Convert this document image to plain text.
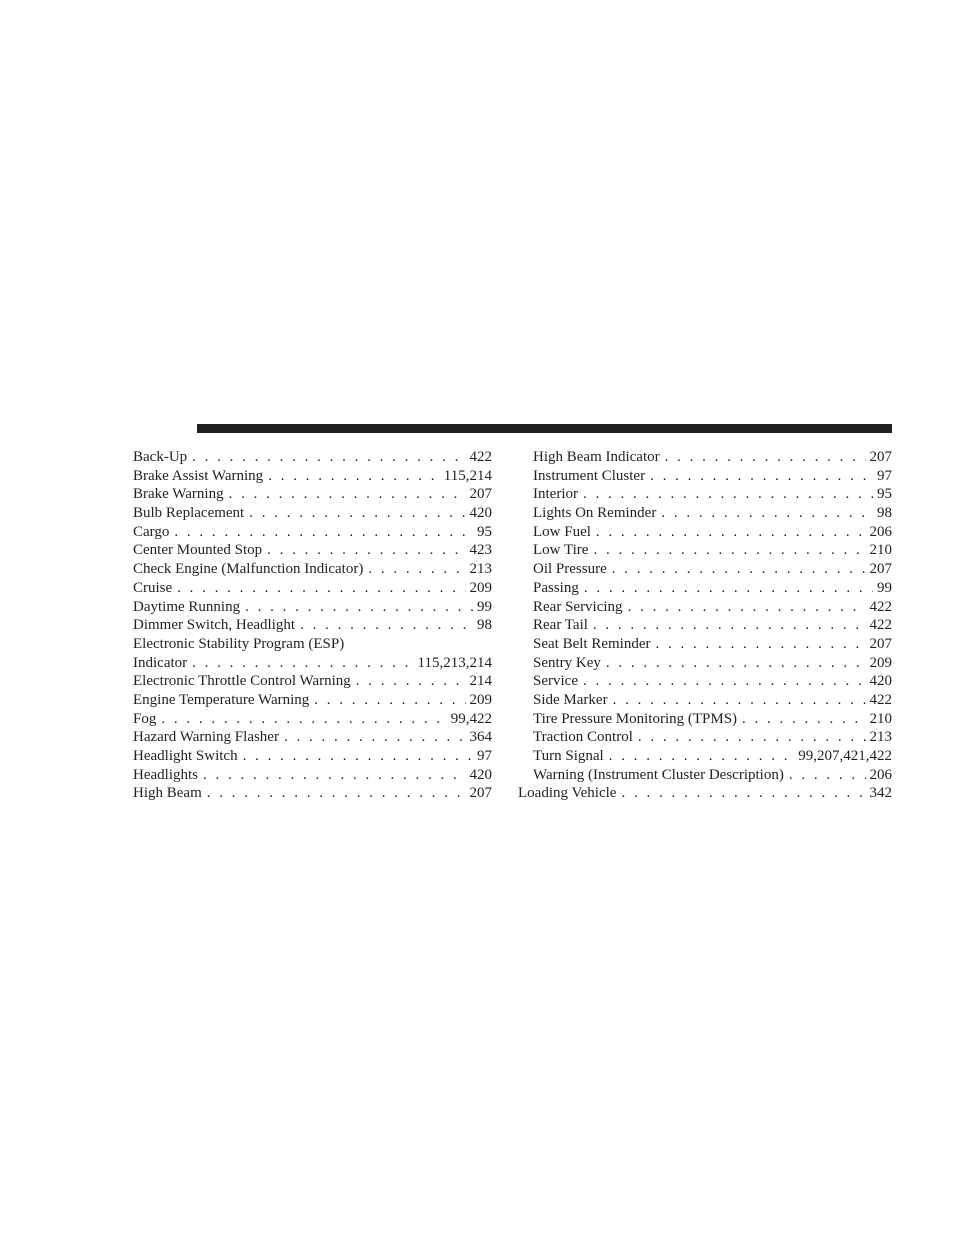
Back-Up . . .	422
Brake Assist Warning . . .	115,214
Brake Warning . . .	207
Bulb Replacement . . .	420
Cargo . . .	95
Center Mounted Stop . . .	423
Check Engine (Malfunction Indicator) . . .	213
Cruise . . .	209
Daytime Running . . .	99
Dimmer Switch, Headlight . . .	98
Electronic Stability Program (ESP)
Indicator . . .	115,213,214
Electronic Throttle Control Warning . . .	214
Engine Temperature Warning . . .	209
Fog . . .	99,422
Hazard Warning Flasher . . .	364
Headlight Switch . . .	97
Headlights . . .	420
High Beam . . .	207
High Beam Indicator . . .	207
Instrument Cluster . . .	97
Interior . . .	95
Lights On Reminder . . .	98
Low Fuel . . .	206
Low Tire . . .	210
Oil Pressure . . .	207
Passing . . .	99
Rear Servicing . . .	422
Rear Tail . . .	422
Seat Belt Reminder . . .	207
Sentry Key . . .	209
Service . . .	420
Side Marker . . .	422
Tire Pressure Monitoring (TPMS) . . .	210
Traction Control . . .	213
Turn Signal . . .	99,207,421,422
Warning (Instrument Cluster Description) . . .	206
Loading Vehicle . . .	342
